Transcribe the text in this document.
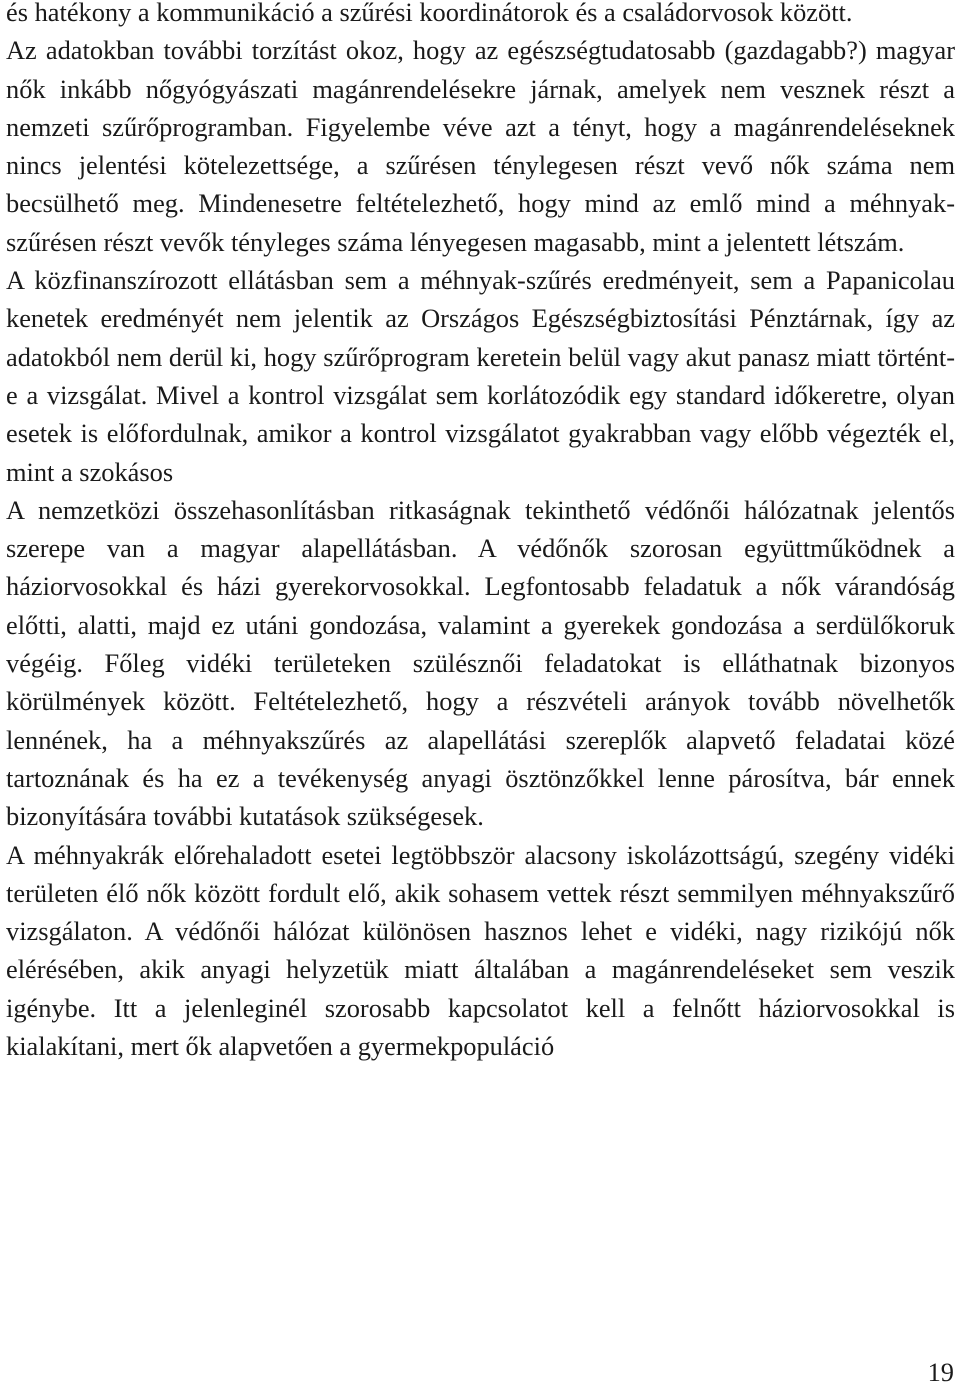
és hatékony a kommunikáció a szűrési koordinátorok és a családorvosok között.

Az adatokban további torzítást okoz, hogy az egészségtudatosabb (gazdagabb?) magyar nők inkább nőgyógyászati magánrendelésekre járnak, amelyek nem vesznek részt a nemzeti szűrőprogramban. Figyelembe véve azt a tényt, hogy a magánrendeléseknek nincs jelentési kötelezettsége, a szűrésen ténylegesen részt vevő nők száma nem becsülhető meg. Mindenesetre feltételezhető, hogy mind az emlő mind a méhnyak-szűrésen részt vevők tényleges száma lényegesen magasabb, mint a jelentett létszám.

A közfinanszírozott ellátásban sem a méhnyak-szűrés eredményeit, sem a Papanicolau kenetek eredményét nem jelentik az Országos Egészségbiztosítási Pénztárnak, így az adatokból nem derül ki, hogy szűrőprogram keretein belül vagy akut panasz miatt történt-e a vizsgálat. Mivel a kontrol vizsgálat sem korlátozódik egy standard időkeretre, olyan esetek is előfordulnak, amikor a kontrol vizsgálatot gyakrabban vagy előbb végezték el, mint a szokásos

A nemzetközi összehasonlításban ritkaságnak tekinthető védőnői hálózatnak jelentős szerepe van a magyar alapellátásban. A védőnők szorosan együttműködnek a háziorvosokkal és házi gyerekorvosokkal. Legfontosabb feladatuk a nők várandóság előtti, alatti, majd ez utáni gondozása, valamint a gyerekek gondozása a serdülőkoruk végéig. Főleg vidéki területeken szülésznői feladatokat is elláthatnak bizonyos körülmények között. Feltételezhető, hogy a részvételi arányok tovább növelhetők lennének, ha a méhnyakszűrés az alapellátási szereplők alapvető feladatai közé tartoznának és ha ez a tevékenység anyagi ösztönzőkkel lenne párosítva, bár ennek bizonyítására további kutatások szükségesek.

A méhnyakrák előrehaladott esetei legtöbbször alacsony iskolázottságú, szegény vidéki területen élő nők között fordult elő, akik sohasem vettek részt semmilyen méhnyakszűrő vizsgálaton. A védőnői hálózat különösen hasznos lehet e vidéki, nagy rizikójú nők elérésében, akik anyagi helyzetük miatt általában a magánrendeléseket sem veszik igénybe. Itt a jelenleginél szorosabb kapcsolatot kell a felnőtt háziorvosokkal is kialakítani, mert ők alapvetően a gyermekpopuláció

19
